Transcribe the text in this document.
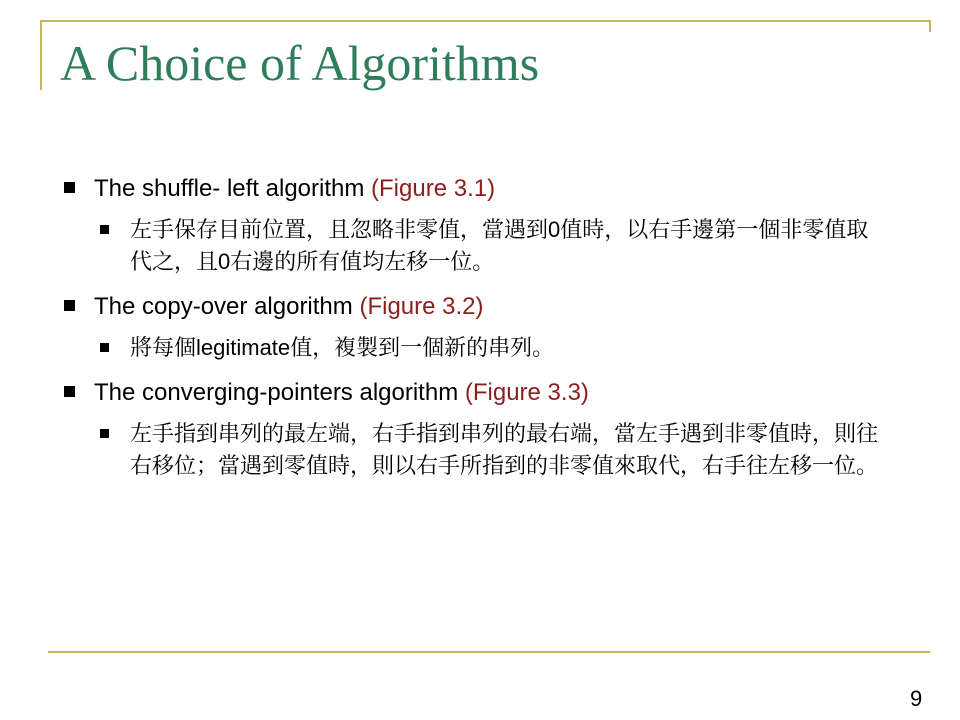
A Choice of Algorithms
The shuffle- left algorithm (Figure 3.1)
左手保存目前位置，且忽略非零值，當遇到0值時，以右手邊第一個非零值取代之，且0右邊的所有值均左移一位。
The copy-over algorithm (Figure 3.2)
將每個legitimate值，複製到一個新的串列。
The converging-pointers algorithm (Figure 3.3)
左手指到串列的最左端，右手指到串列的最右端，當左手遇到非零值時，則往右移位；當遇到零值時，則以右手所指到的非零值來取代，右手往左移一位。
9
